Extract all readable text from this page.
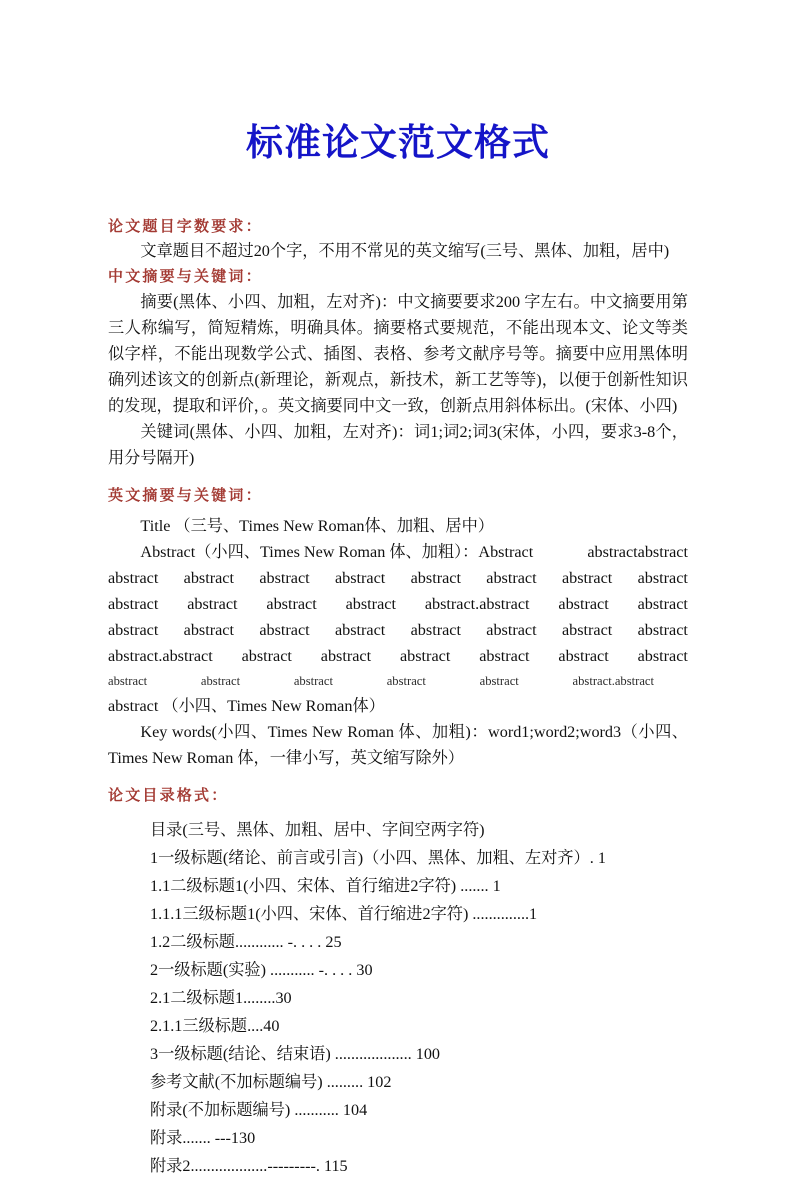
标准论文范文格式
论文题目字数要求：

文章题目不超过20个字，不用不常见的英文缩写(三号、黑体、加粗，居中)

中文摘要与关键词：

摘要(黑体、小四、加粗，左对齐)：中文摘要要求200 字左右。中文摘要用第三人称编写，简短精炼，明确具体。摘要格式要规范，不能出现本文、论文等类似字样，不能出现数学公式、插图、表格、参考文献序号等。摘要中应用黑体明确列述该文的创新点(新理论，新观点，新技术，新工艺等等)，以便于创新性知识的发现，提取和评价，。英文摘要同中文一致，创新点用斜体标出。(宋体、小四)

关键词(黑体、小四、加粗，左对齐)：词1;词2;词3(宋体，小四，要求3-8个，用分号隔开)

英文摘要与关键词：

Title （三号、Times New Roman体、加粗、居中）

Abstract（小四、Times New Roman 体、加粗）：Abstract	abstract abstract
abstract abstract abstract abstract abstract abstract abstract abstract
abstract abstract abstract abstract abstract.abstract abstract abstract
abstract abstract abstract abstract abstract abstract abstract abstract
abstract.abstract abstract abstract abstract abstract abstract abstract
abstract	abstract	abstract	abstract	abstract	abstract.abstract

abstract （小四、Times New Roman体）

Key words(小四、Times New Roman 体、加粗)：word1;word2;word3（小四、Times New Roman 体，一律小写，英文缩写除外）

论文目录格式：
目录(三号、黑体、加粗、居中、字间空两字符)
1一级标题(绪论、前言或引言)（小四、黑体、加粗、左对齐）. 1
1.1二级标题1(小四、宋体、首行缩进2字符) ....... 1
1.1.1三级标题1(小四、宋体、首行缩进2字符) ..............1
1.2二级标题............ -. . . . 25
2一级标题(实验) ........... -. . . . 30
2.1二级标题1........30
2.1.1三级标题....40
3一级标题(结论、结束语) ................... 100
参考文献(不加标题编号) ......... 102
附录(不加标题编号) ........... 104
附录....... ---130
附录2...................---------. 115
